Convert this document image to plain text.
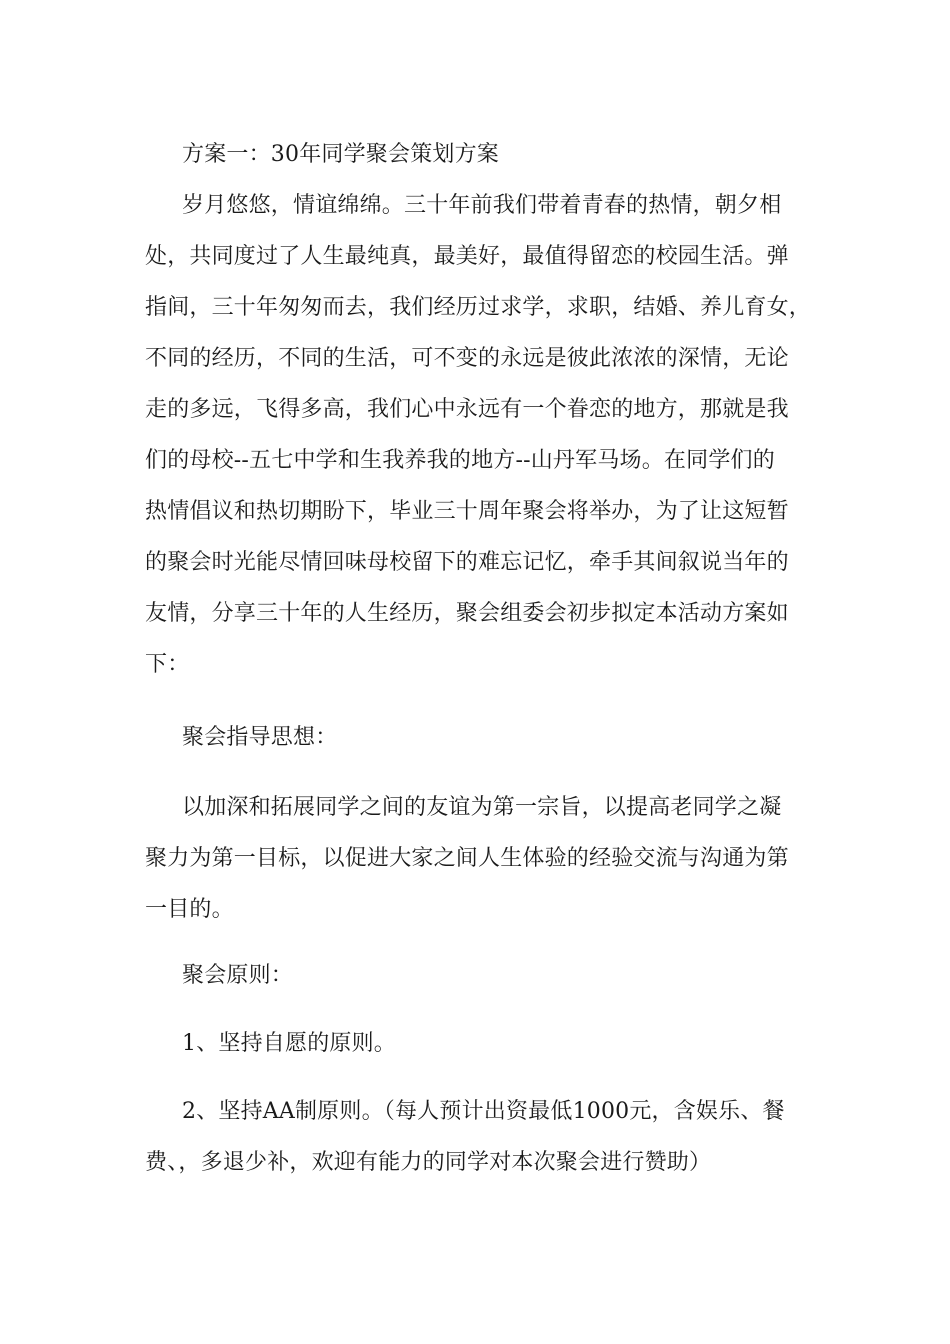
方案一：30年同学聚会策划方案

岁月悠悠，情谊绵绵。三十年前我们带着青春的热情，朝夕相
处，共同度过了人生最纯真，最美好，最值得留恋的校园生活。弹
指间，三十年匆匆而去，我们经历过求学，求职，结婚、养儿育女，
不同的经历，不同的生活，可不变的永远是彼此浓浓的深情，无论
走的多远，飞得多高，我们心中永远有一个眷恋的地方，那就是我
们的母校--五七中学和生我养我的地方--山丹军马场。在同学们的
热情倡议和热切期盼下，毕业三十周年聚会将举办，为了让这短暂
的聚会时光能尽情回味母校留下的难忘记忆，牵手其间叙说当年的
友情，分享三十年的人生经历，聚会组委会初步拟定本活动方案如
下：

聚会指导思想：

以加深和拓展同学之间的友谊为第一宗旨，以提高老同学之凝
聚力为第一目标，以促进大家之间人生体验的经验交流与沟通为第
一目的。

聚会原则：

1、坚持自愿的原则。

2、坚持AA制原则。（每人预计出资最低1000元，含娱乐、餐
费、，多退少补，欢迎有能力的同学对本次聚会进行赞助）
